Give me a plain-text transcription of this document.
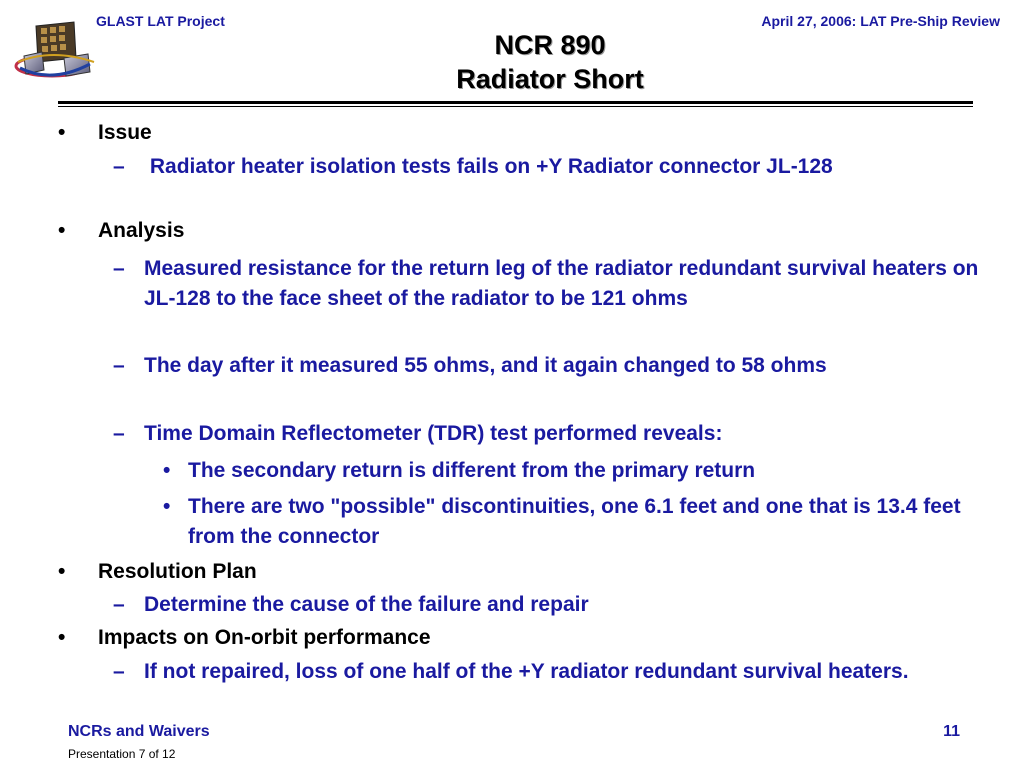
GLAST LAT Project	April 27, 2006: LAT Pre-Ship Review
NCR 890
Radiator Short
• Issue
– Radiator heater isolation tests fails on +Y Radiator connector JL-128
• Analysis
– Measured resistance for the return leg of the radiator redundant survival heaters on JL-128 to the face sheet of the radiator to be 121 ohms
– The day after it measured 55 ohms, and it again changed to 58 ohms
– Time Domain Reflectometer (TDR) test performed reveals:
• The secondary return is different from the primary return
• There are two "possible" discontinuities, one 6.1 feet and one that is 13.4 feet from the connector
• Resolution Plan
– Determine the cause of the failure and repair
• Impacts on On-orbit performance
– If not repaired, loss of one half of the +Y radiator redundant survival heaters.
NCRs and Waivers
Presentation 7 of 12
11
